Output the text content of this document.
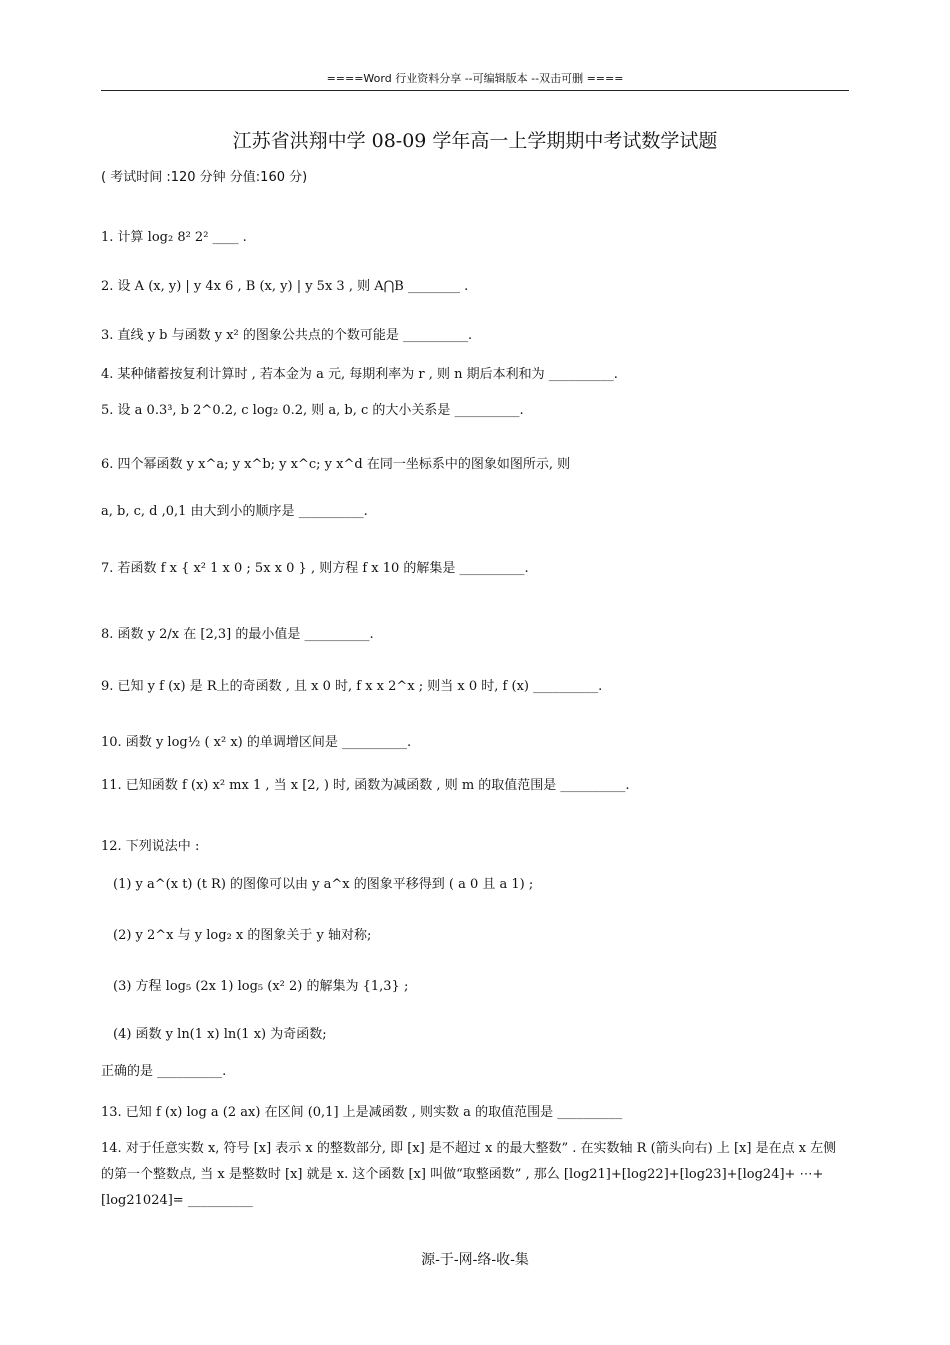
====Word 行业资料分享 --可编辑版本 --双击可删 ====
江苏省洪翔中学 08-09 学年高一上学期期中考试数学试题
( 考试时间 :120 分钟 分值:160 分)
1. 计算 log₂ 8² 2² ____ .
2. 设 A (x, y) | y 4x 6 , B (x, y) | y 5x 3 , 则 A⋂B ________ .
3. 直线 y b 与函数 y x² 的图象公共点的个数可能是 __________.
4. 某种储蓄按复利计算时 , 若本金为 a 元, 每期利率为 r , 则 n 期后本利和为 __________.
5. 设 a 0.3³, b 2^0.2, c log₂ 0.2, 则 a, b, c 的大小关系是 __________.
6. 四个幂函数 y x^a; y x^b; y x^c; y x^d 在同一坐标系中的图象如图所示, 则
a, b, c, d ,0,1 由大到小的顺序是 __________.
7. 若函数 f x { x² 1 x 0 ; 5x x 0 } , 则方程 f x 10 的解集是 __________.
8. 函数 y 2/x 在 [2,3] 的最小值是 __________.
9. 已知 y f (x) 是 R上的奇函数 , 且 x 0 时, f x x 2^x ; 则当 x 0 时, f (x) __________.
10. 函数 y log½ ( x² x) 的单调增区间是 __________.
11. 已知函数 f (x) x² mx 1 , 当 x [2, ) 时, 函数为减函数 , 则 m 的取值范围是 __________.
12. 下列说法中 :
(1) y a^(x t) (t R) 的图像可以由 y a^x 的图象平移得到 ( a 0 且 a 1) ;
(2) y 2^x 与 y log₂ x 的图象关于 y 轴对称;
(3) 方程 log₅ (2x 1) log₅ (x² 2) 的解集为 {1,3} ;
(4) 函数 y ln(1 x) ln(1 x) 为奇函数;
正确的是 __________.
13. 已知 f (x) log a (2 ax) 在区间 (0,1] 上是减函数 , 则实数 a 的取值范围是 __________
14. 对于任意实数 x, 符号 [x] 表示 x 的整数部分, 即 [x] 是不超过 x 的最大整数” . 在实数轴 R (箭头向右) 上 [x] 是在点 x 左侧的第一个整数点, 当 x 是整数时 [x] 就是 x. 这个函数 [x] 叫做“取整函数” , 那么 [log21]+[log22]+[log23]+[log24]+ ⋯+[log21024]= __________
源-于-网-络-收-集
